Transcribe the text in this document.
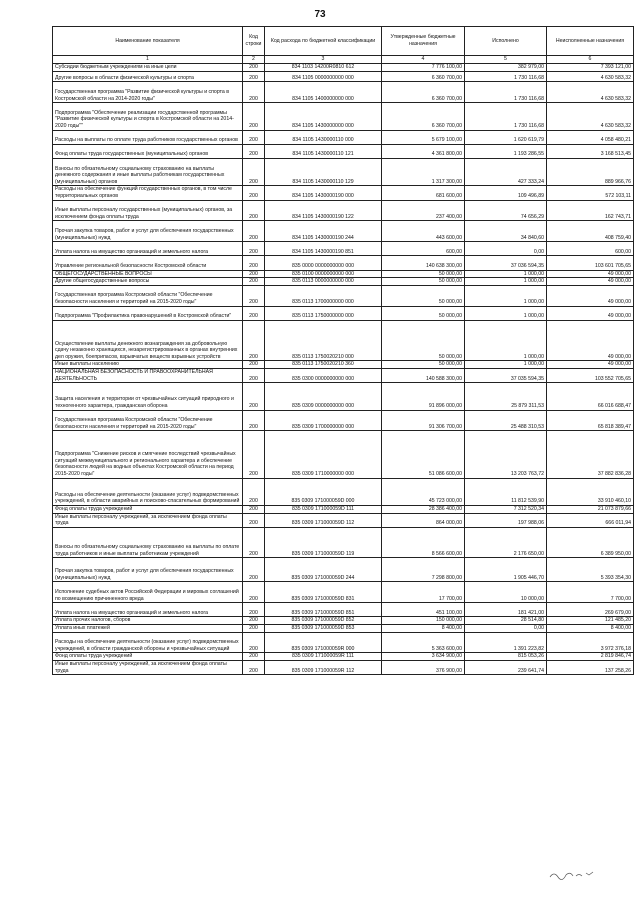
73
Наименование показателя	Код строки	Код расхода по бюджетной классификации	Утвержденные бюджетные назначения	Исполнено	Неисполненные назначения
1	2	3	4	5	6
Субсидии бюджетным учреждениям на иные цели	200	834 1103 14200R0810 612	7 776 100,00	382 979,00	7 393 121,00
Другие вопросы в области физической культуры и спорта	200	834 1105 0000000000 000	6 360 700,00	1 730 116,68	4 630 583,32
Государственная программа "Развитие физической культуры и спорта в Костромской области на 2014-2020 годы"	200	834 1105 1400000000 000	6 360 700,00	1 730 116,68	4 630 583,32
Подпрограмма "Обеспечение реализации государственной программы "Развитие физической культуры и спорта в Костромской области на 2014-2020 годы""	200	834 1105 1430000000 000	6 360 700,00	1 730 116,68	4 630 583,32
Расходы на выплаты по оплате труда работников государственных органов	200	834 1105 1430000110 000	5 679 100,00	1 620 619,79	4 058 480,21
Фонд оплаты труда государственных (муниципальных) органов	200	834 1105 1430000110 121	4 361 800,00	1 193 286,55	3 168 513,45
Взносы по обязательному социальному страхованию на выплаты денежного содержания и иные выплаты работникам государственных (муниципальных) органов	200	834 1105 1430000110 129	1 317 300,00	427 333,24	889 966,76
Расходы на обеспечение функций государственных органов, в том числе территориальных органов	200	834 1105 1430000190 000	681 600,00	109 496,89	572 103,11
Иные выплаты персоналу государственных (муниципальных) органов, за исключением фонда оплаты труда	200	834 1105 1430000190 122	237 400,00	74 656,29	162 743,71
Прочая закупка товаров, работ и услуг для обеспечения государственных (муниципальных) нужд	200	834 1105 1430000190 244	443 600,00	34 840,60	408 759,40
Уплата налога на имущество организаций и земельного налога	200	834 1105 1430000190 851	600,00	0,00	600,00
Управление региональной безопасности Костромской области	200	835 0000 0000000000 000	140 638 300,00	37 036 594,35	103 601 705,65
ОБЩЕГОСУДАРСТВЕННЫЕ ВОПРОСЫ	200	835 0100 0000000000 000	50 000,00	1 000,00	49 000,00
Другие общегосударственные вопросы	200	835 0113 0000000000 000	50 000,00	1 000,00	49 000,00
Государственная программа Костромской области "Обеспечение безопасности населения и территорий на 2015-2020 годы"	200	835 0113 1700000000 000	50 000,00	1 000,00	49 000,00
Подпрограмма "Профилактика правонарушений в Костромской области"	200	835 0113 1750000000 000	50 000,00	1 000,00	49 000,00
Осуществление выплаты денежного вознаграждения за добровольную сдачу незаконно хранящихся, незарегистрированных в органах внутренних дел оружия, боеприпасов, взрывчатых веществ взрывных устройств	200	835 0113 1750020210 000	50 000,00	1 000,00	49 000,00
Иные выплаты населению	200	835 0113 1750020210 360	50 000,00	1 000,00	49 000,00
НАЦИОНАЛЬНАЯ БЕЗОПАСНОСТЬ И ПРАВООХРАНИТЕЛЬНАЯ ДЕЯТЕЛЬНОСТЬ	200	835 0300 0000000000 000	140 588 300,00	37 035 594,35	103 552 705,65
Защита населения и территории от чрезвычайных ситуаций природного и техногенного характера, гражданская оборона	200	835 0309 0000000000 000	91 896 000,00	25 879 311,53	66 016 688,47
Государственная программа Костромской области "Обеспечение безопасности населения и территорий на 2015-2020 годы"	200	835 0309 1700000000 000	91 306 700,00	25 488 310,53	65 818 389,47
Подпрограмма "Снижение рисков и смягчение последствий чрезвычайных ситуаций межмуниципального и регионального характера и обеспечение безопасности людей на водных объектах Костромской области на период 2015-2020 годы"	200	835 0309 1710000000 000	51 086 600,00	13 203 763,72	37 882 836,28
Расходы на обеспечение деятельности (оказание услуг) подведомственных учреждений, в области аварийных и поисково-спасательных формирований	200	835 0309 171000059D 000	45 723 000,00	11 812 539,90	33 910 460,10
Фонд оплаты труда учреждений	200	835 0309 171000059D 111	28 386 400,00	7 312 520,34	21 073 879,66
Иные выплаты персоналу учреждений, за исключением фонда оплаты труда	200	835 0309 171000059D 112	864 000,00	197 988,06	666 011,94
Взносы по обязательному социальному страхованию на выплаты по оплате труда работников и иные выплаты работникам учреждений	200	835 0309 171000059D 119	8 566 600,00	2 176 650,00	6 389 950,00
Прочая закупка товаров, работ и услуг для обеспечения государственных (муниципальных) нужд	200	835 0309 171000059D 244	7 298 800,00	1 905 446,70	5 393 354,30
Исполнение судебных актов Российской Федерации и мировых соглашений по возмещению причиненного вреда	200	835 0309 171000059D 831	17 700,00	10 000,00	7 700,00
Уплата налога на имущество организаций и земельного налога	200	835 0309 171000059D 851	451 100,00	181 421,00	269 679,00
Уплата прочих налогов, сборов	200	835 0309 171000059D 852	150 000,00	28 514,80	121 485,20
Уплата иных платежей	200	835 0309 171000059D 853	8 400,00	0,00	8 400,00
Расходы на обеспечение деятельности (оказание услуг) подведомственных учреждений, в области гражданской обороны и чрезвычайных ситуаций	200	835 0309 171000059R 000	5 363 600,00	1 391 223,82	3 972 376,18
Фонд оплаты труда учреждений	200	835 0309 171000059R 111	3 634 900,00	815 053,26	2 819 846,74
Иные выплаты персоналу учреждений, за исключением фонда оплаты труда	200	835 0309 171000059R 112	376 900,00	239 641,74	137 258,26
